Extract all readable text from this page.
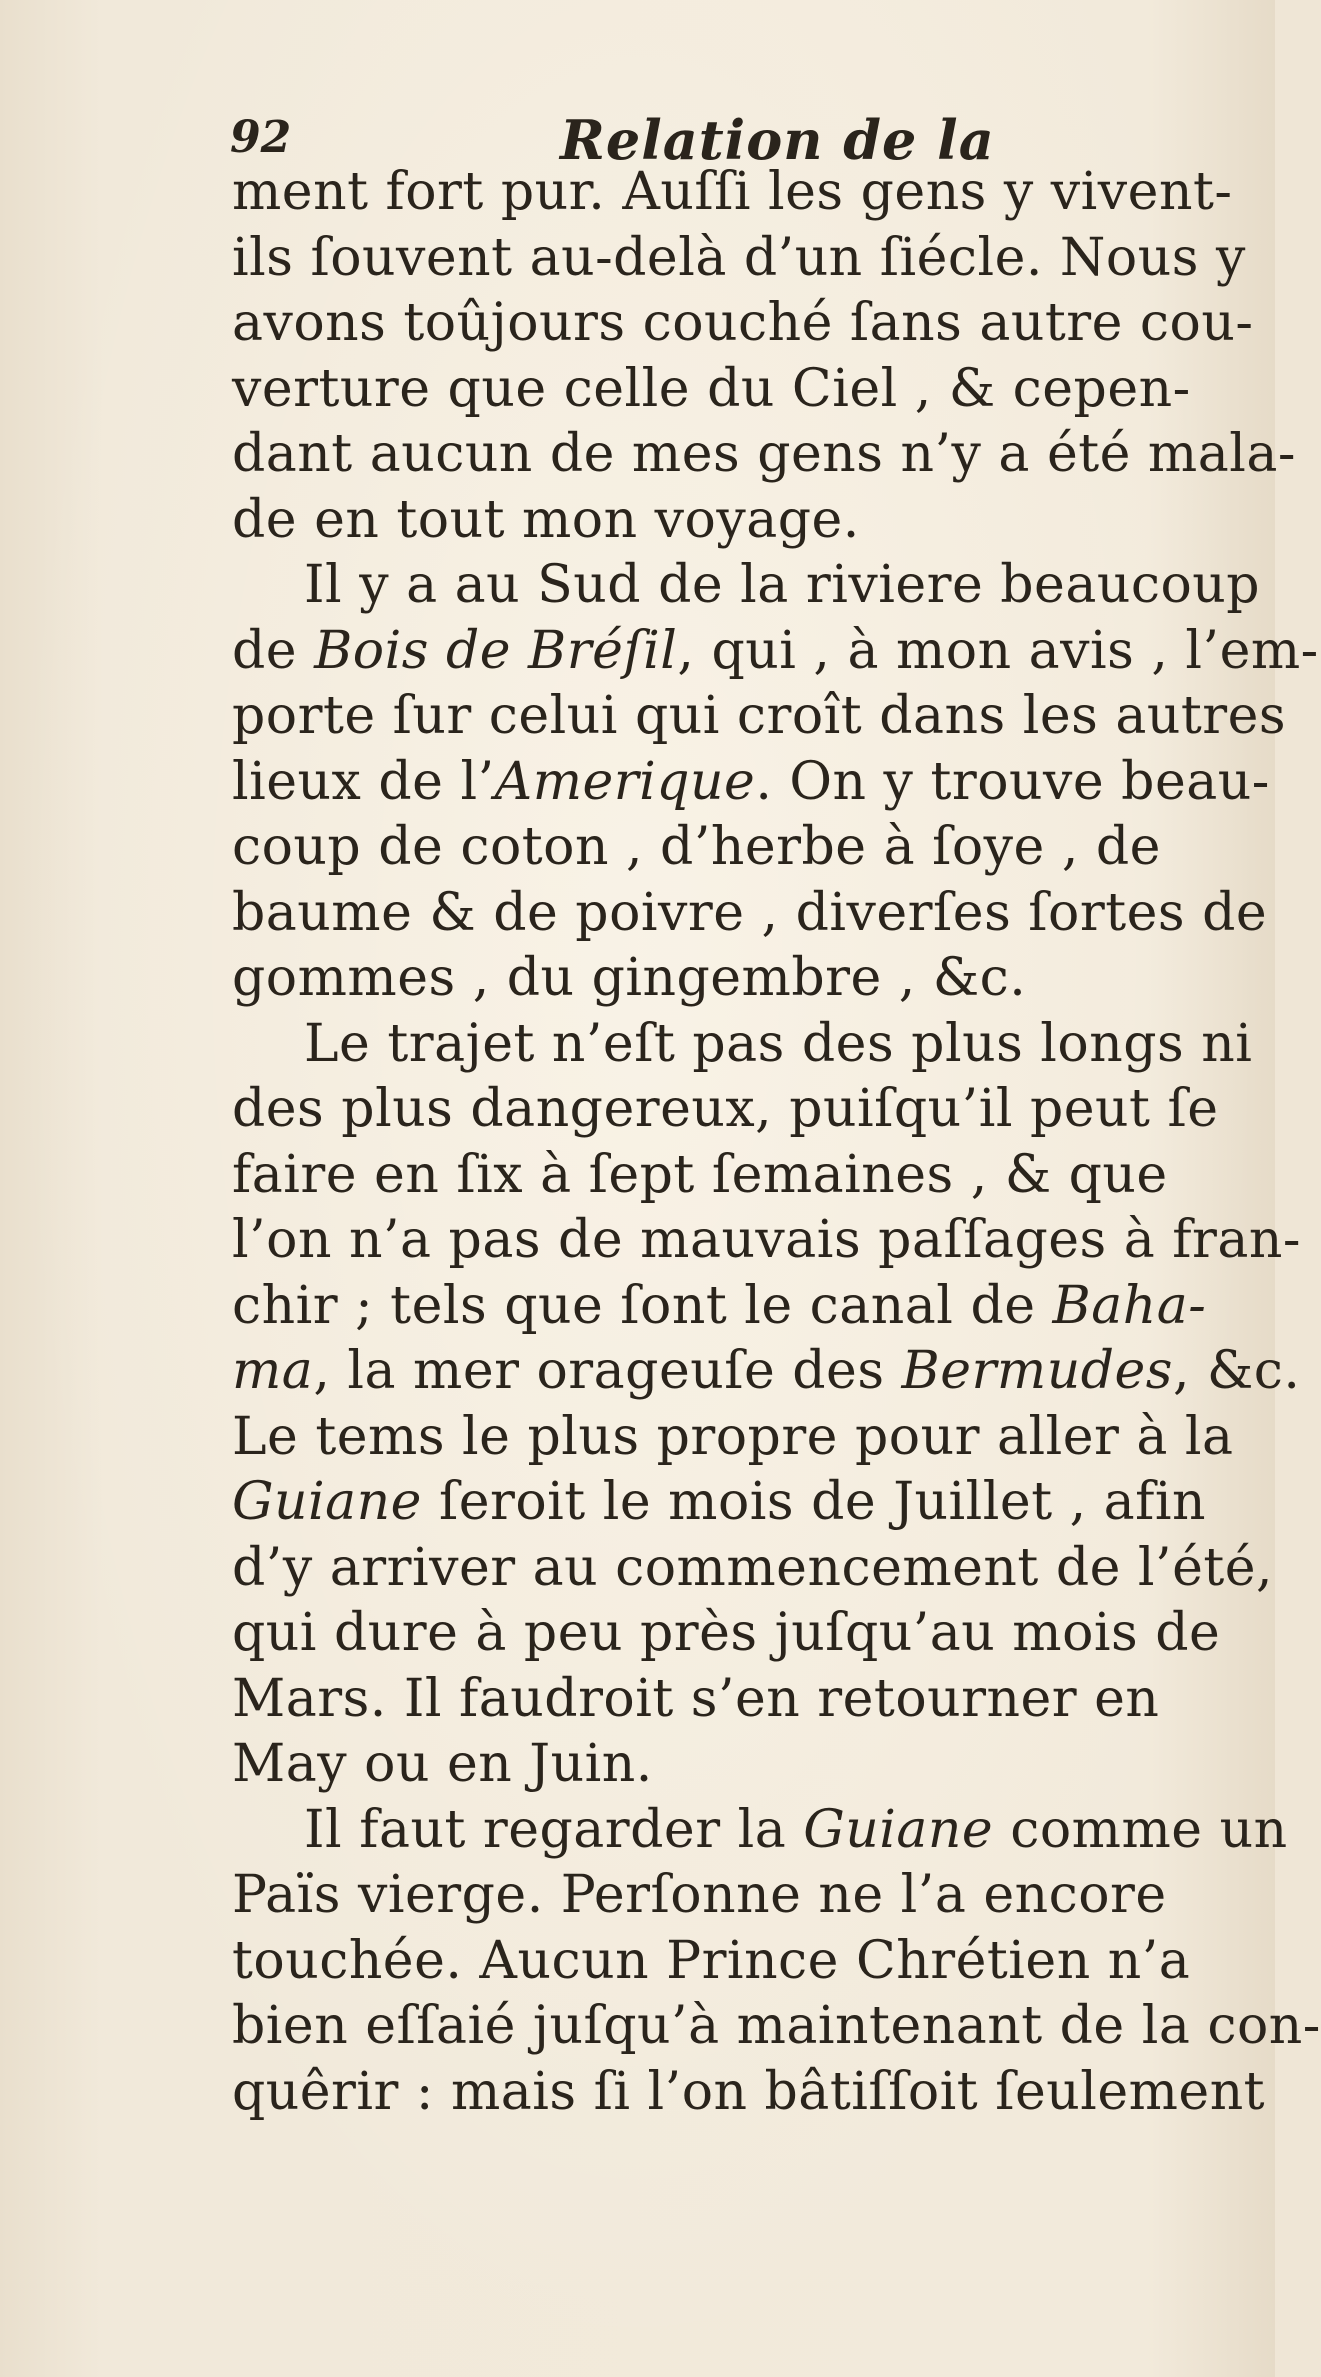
92	Relation de la
ment fort pur. Auſſi les gens y vivent-
ils ſouvent au-delà d’un ſiécle. Nous y
avons toûjours couché ſans autre cou-
verture que celle du Ciel , & cepen-
dant aucun de mes gens n’y a été mala-
de en tout mon voyage.
Il y a au Sud de la riviere beaucoup
de Bois de Bréſil, qui , à mon avis , l’em-
porte ſur celui qui croît dans les autres
lieux de l’Amerique. On y trouve beau-
coup de coton , d’herbe à ſoye , de
baume & de poivre , diverſes ſortes de
gommes , du gingembre , &c.
Le trajet n’eſt pas des plus longs ni
des plus dangereux, puiſqu’il peut ſe
faire en ſix à ſept ſemaines , & que
l’on n’a pas de mauvais paſſages à fran-
chir ; tels que ſont le canal de Baha-
ma, la mer orageuſe des Bermudes, &c.
Le tems le plus propre pour aller à la
Guiane ſeroit le mois de Juillet , afin
d’y arriver au commencement de l’été,
qui dure à peu près juſqu’au mois de
Mars. Il faudroit s’en retourner en
May ou en Juin.
Il faut regarder la Guiane comme un
Païs vierge. Perſonne ne l’a encore
touchée. Aucun Prince Chrétien n’a
bien eſſaié juſqu’à maintenant de la con-
quêrir : mais ſi l’on bâtiſſoit ſeulement
